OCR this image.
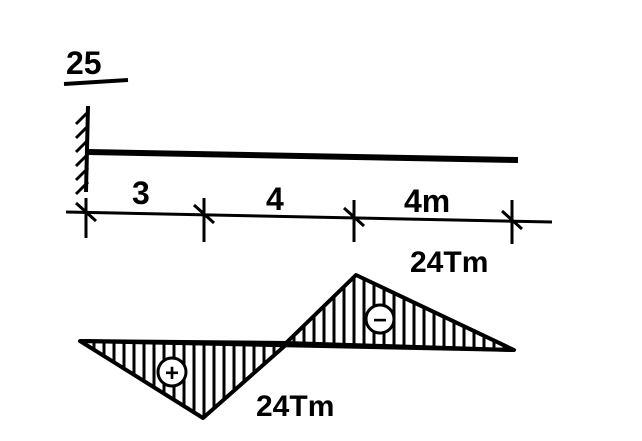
25
3	4	4m
+
−
24Tm
24Tm
